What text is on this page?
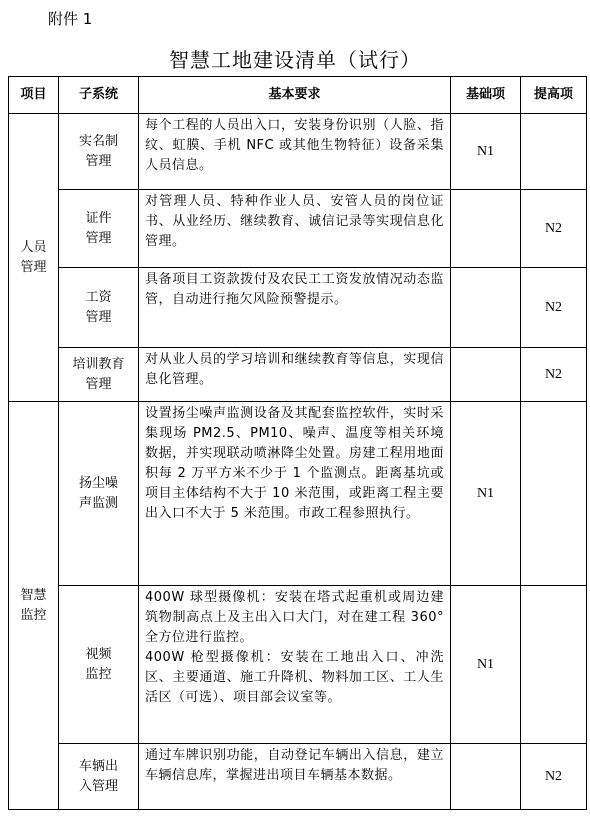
附件 1
智慧工地建设清单（试行）
项目	子系统	基本要求	基础项	提高项
人员管理	实名制管理	每个工程的人员出入口，安装身份识别（人脸、指纹、虹膜、手机 NFC 或其他生物特征）设备采集人员信息。	N1	
	证件管理	对管理人员、特种作业人员、安管人员的岗位证书、从业经历、继续教育、诚信记录等实现信息化管理。		N2
	工资管理	具备项目工资款拨付及农民工工资发放情况动态监管，自动进行拖欠风险预警提示。		N2
	培训教育管理	对从业人员的学习培训和继续教育等信息，实现信息化管理。		N2
智慧监控	扬尘噪声监测	设置扬尘噪声监测设备及其配套监控软件，实时采集现场 PM2.5、PM10、噪声、温度等相关环境数据，并实现联动喷淋降尘处置。房建工程用地面积每 2 万平方米不少于 1 个监测点。距离基坑或项目主体结构不大于 10 米范围，或距离工程主要出入口不大于 5 米范围。市政工程参照执行。	N1	
	视频监控	400W 球型摄像机：安装在塔式起重机或周边建筑物制高点上及主出入口大门，对在建工程 360°全方位进行监控。

400W 枪型摄像机：安装在工地出入口、冲洗区、主要通道、施工升降机、物料加工区、工人生活区（可选）、项目部会议室等。	N1	
	车辆出入管理	通过车牌识别功能，自动登记车辆出入信息，建立车辆信息库，掌握进出项目车辆基本数据。		N2
